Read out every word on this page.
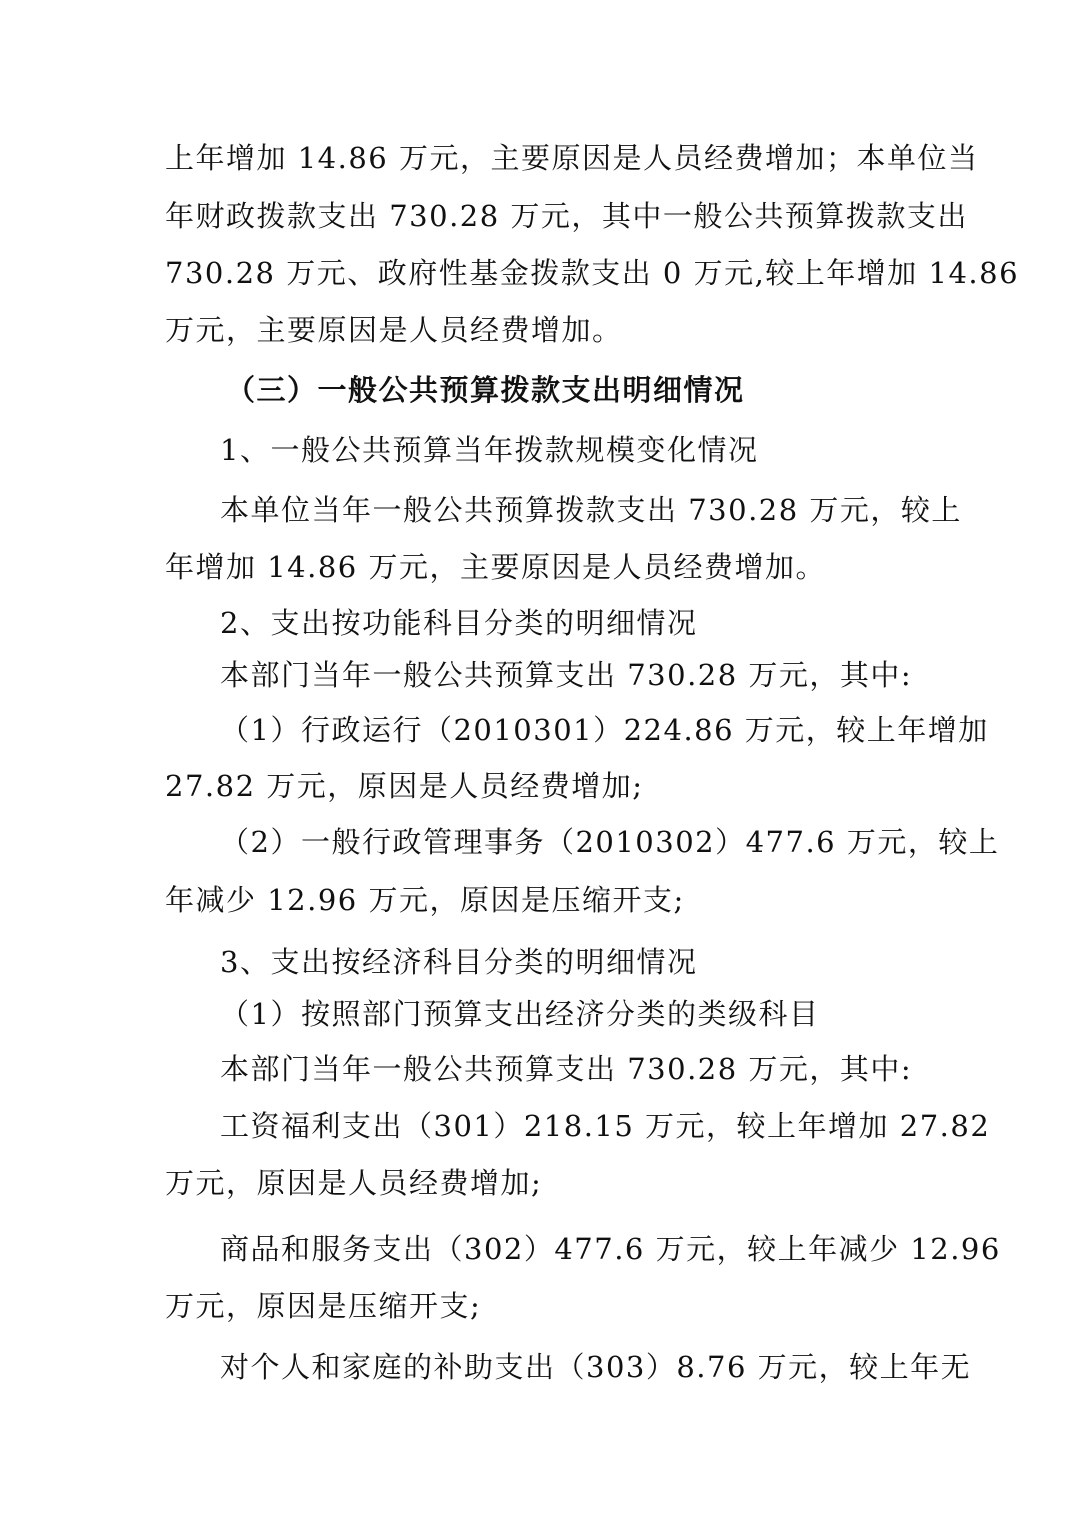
上年增加 14.86 万元，主要原因是人员经费增加；本单位当
年财政拨款支出 730.28 万元，其中一般公共预算拨款支出
730.28 万元、政府性基金拨款支出 0 万元,较上年增加 14.86
万元，主要原因是人员经费增加。
（三）一般公共预算拨款支出明细情况
1、一般公共预算当年拨款规模变化情况
本单位当年一般公共预算拨款支出 730.28 万元，较上
年增加 14.86 万元，主要原因是人员经费增加。
2、支出按功能科目分类的明细情况
本部门当年一般公共预算支出 730.28 万元，其中:
（1）行政运行（2010301）224.86 万元，较上年增加
27.82 万元，原因是人员经费增加;
（2）一般行政管理事务（2010302）477.6 万元，较上
年减少 12.96 万元，原因是压缩开支;
3、支出按经济科目分类的明细情况
（1）按照部门预算支出经济分类的类级科目
本部门当年一般公共预算支出 730.28 万元，其中:
工资福利支出（301）218.15 万元，较上年增加 27.82
万元，原因是人员经费增加;
商品和服务支出（302）477.6 万元，较上年减少 12.96
万元，原因是压缩开支;
对个人和家庭的补助支出（303）8.76 万元，较上年无
